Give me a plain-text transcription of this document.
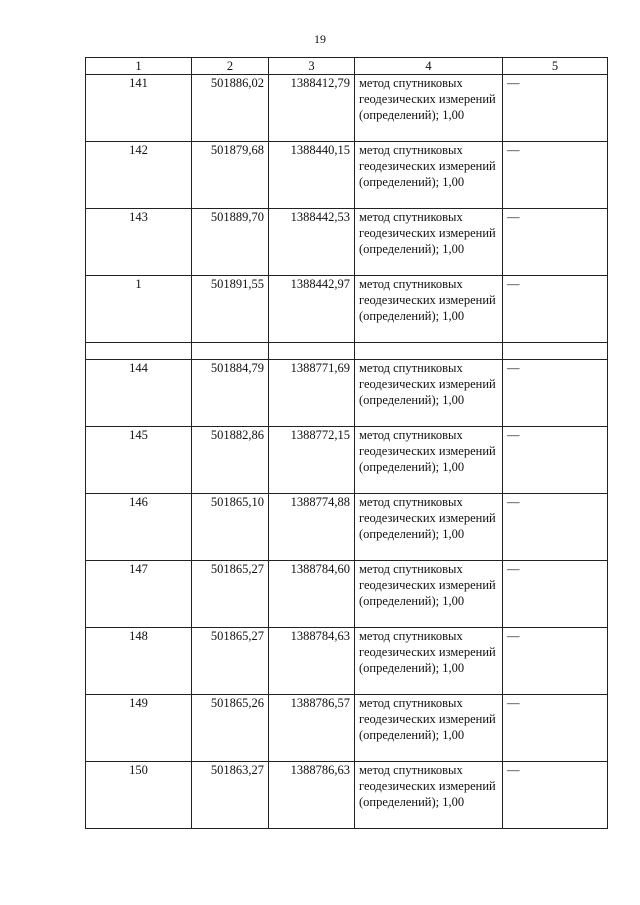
19
1	2	3	4	5
141	501886,02	1388412,79	метод спутниковых геодезических измерений (определений); 1,00	—
142	501879,68	1388440,15	метод спутниковых геодезических измерений (определений); 1,00	—
143	501889,70	1388442,53	метод спутниковых геодезических измерений (определений); 1,00	—
1	501891,55	1388442,97	метод спутниковых геодезических измерений (определений); 1,00	—

144	501884,79	1388771,69	метод спутниковых геодезических измерений (определений); 1,00	—
145	501882,86	1388772,15	метод спутниковых геодезических измерений (определений); 1,00	—
146	501865,10	1388774,88	метод спутниковых геодезических измерений (определений); 1,00	—
147	501865,27	1388784,60	метод спутниковых геодезических измерений (определений); 1,00	—
148	501865,27	1388784,63	метод спутниковых геодезических измерений (определений); 1,00	—
149	501865,26	1388786,57	метод спутниковых геодезических измерений (определений); 1,00	—
150	501863,27	1388786,63	метод спутниковых геодезических измерений (определений); 1,00	—
